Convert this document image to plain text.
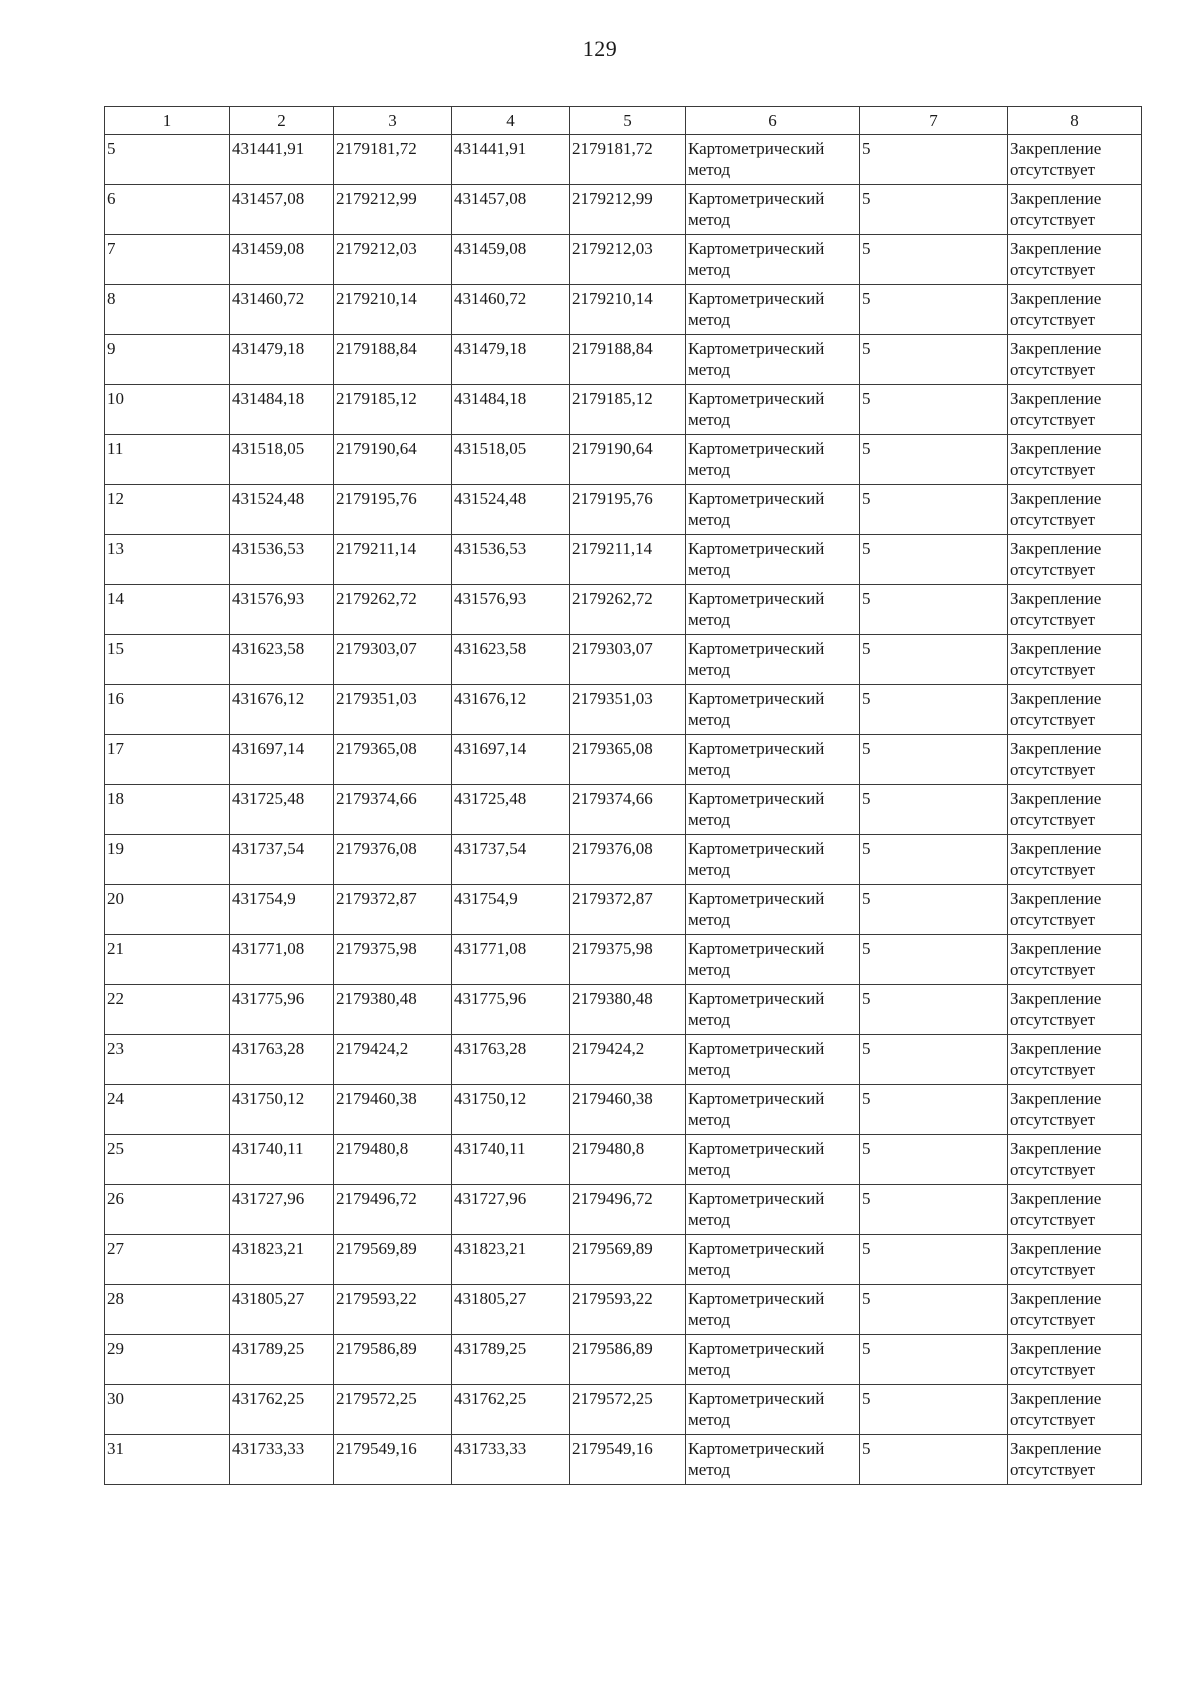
129
1	2	3	4	5	6	7	8
5	431441,91	2179181,72	431441,91	2179181,72	Картометрический метод	5	Закрепление отсутствует
6	431457,08	2179212,99	431457,08	2179212,99	Картометрический метод	5	Закрепление отсутствует
7	431459,08	2179212,03	431459,08	2179212,03	Картометрический метод	5	Закрепление отсутствует
8	431460,72	2179210,14	431460,72	2179210,14	Картометрический метод	5	Закрепление отсутствует
9	431479,18	2179188,84	431479,18	2179188,84	Картометрический метод	5	Закрепление отсутствует
10	431484,18	2179185,12	431484,18	2179185,12	Картометрический метод	5	Закрепление отсутствует
11	431518,05	2179190,64	431518,05	2179190,64	Картометрический метод	5	Закрепление отсутствует
12	431524,48	2179195,76	431524,48	2179195,76	Картометрический метод	5	Закрепление отсутствует
13	431536,53	2179211,14	431536,53	2179211,14	Картометрический метод	5	Закрепление отсутствует
14	431576,93	2179262,72	431576,93	2179262,72	Картометрический метод	5	Закрепление отсутствует
15	431623,58	2179303,07	431623,58	2179303,07	Картометрический метод	5	Закрепление отсутствует
16	431676,12	2179351,03	431676,12	2179351,03	Картометрический метод	5	Закрепление отсутствует
17	431697,14	2179365,08	431697,14	2179365,08	Картометрический метод	5	Закрепление отсутствует
18	431725,48	2179374,66	431725,48	2179374,66	Картометрический метод	5	Закрепление отсутствует
19	431737,54	2179376,08	431737,54	2179376,08	Картометрический метод	5	Закрепление отсутствует
20	431754,9	2179372,87	431754,9	2179372,87	Картометрический метод	5	Закрепление отсутствует
21	431771,08	2179375,98	431771,08	2179375,98	Картометрический метод	5	Закрепление отсутствует
22	431775,96	2179380,48	431775,96	2179380,48	Картометрический метод	5	Закрепление отсутствует
23	431763,28	2179424,2	431763,28	2179424,2	Картометрический метод	5	Закрепление отсутствует
24	431750,12	2179460,38	431750,12	2179460,38	Картометрический метод	5	Закрепление отсутствует
25	431740,11	2179480,8	431740,11	2179480,8	Картометрический метод	5	Закрепление отсутствует
26	431727,96	2179496,72	431727,96	2179496,72	Картометрический метод	5	Закрепление отсутствует
27	431823,21	2179569,89	431823,21	2179569,89	Картометрический метод	5	Закрепление отсутствует
28	431805,27	2179593,22	431805,27	2179593,22	Картометрический метод	5	Закрепление отсутствует
29	431789,25	2179586,89	431789,25	2179586,89	Картометрический метод	5	Закрепление отсутствует
30	431762,25	2179572,25	431762,25	2179572,25	Картометрический метод	5	Закрепление отсутствует
31	431733,33	2179549,16	431733,33	2179549,16	Картометрический метод	5	Закрепление отсутствует
